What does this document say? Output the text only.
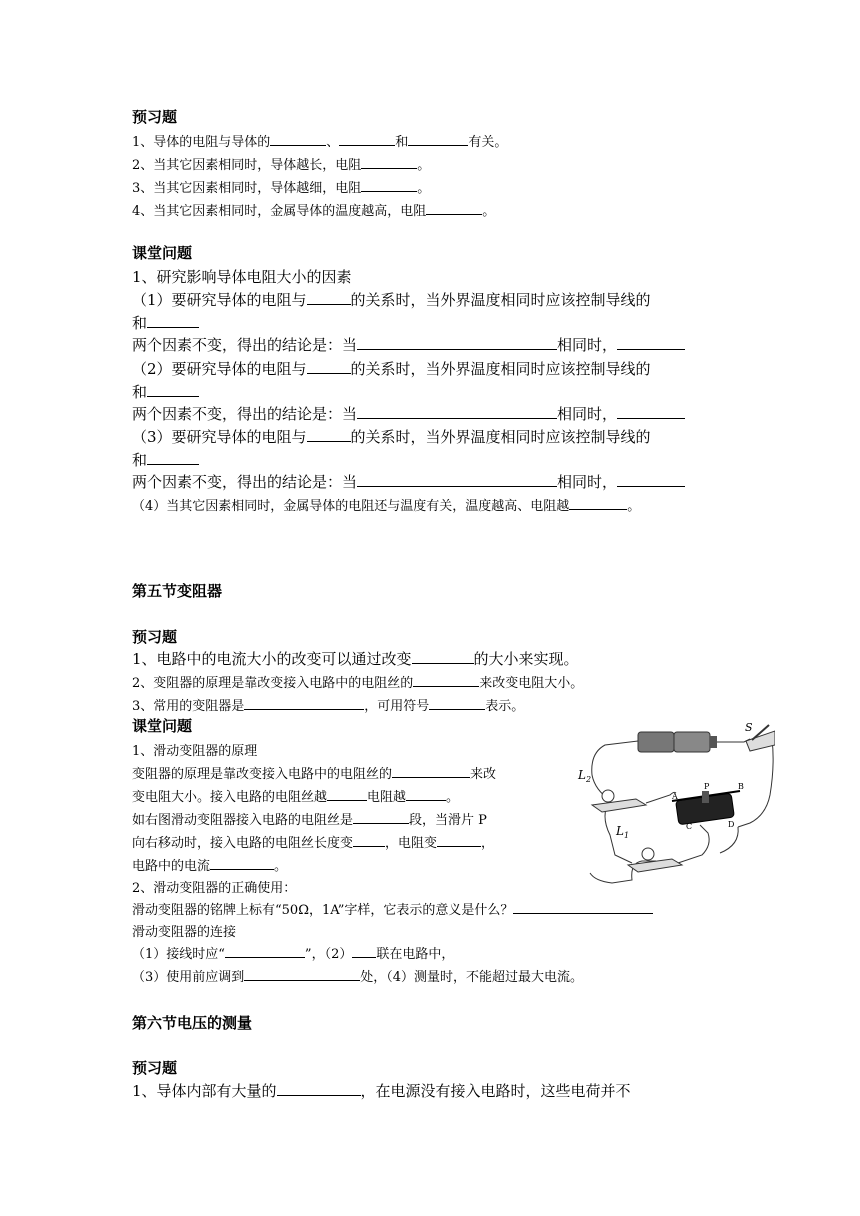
预习题
1、导体的电阻与导体的	、	和	有关。
2、当其它因素相同时，导体越长，电阻	。
3、当其它因素相同时，导体越细，电阻	。
4、当其它因素相同时，金属导体的温度越高，电阻	。
课堂问题
1、研究影响导体电阻大小的因素
（1）要研究导体的电阻与	的关系时，当外界温度相同时应该控制导线的
和
两个因素不变，得出的结论是：当	相同时，
（2）要研究导体的电阻与	的关系时，当外界温度相同时应该控制导线的
和
两个因素不变，得出的结论是：当	相同时，
（3）要研究导体的电阻与	的关系时，当外界温度相同时应该控制导线的
和
两个因素不变，得出的结论是：当	相同时，
（4）当其它因素相同时，金属导体的电阻还与温度有关，温度越高、电阻越	。
第五节变阻器
预习题
1、电路中的电流大小的改变可以通过改变	的大小来实现。
2、变阻器的原理是靠改变接入电路中的电阻丝的	来改变电阻大小。
3、常用的变阻器是	，可用符号	表示。
课堂问题
1、滑动变阻器的原理
变阻器的原理是靠改变接入电路中的电阻丝的	来改
变电阻大小。接入电路的电阻丝越	电阻越	。
如右图滑动变阻器接入电路的电阻丝是	段，当滑片 P
向右移动时，接入电路的电阻丝长度变 ，电阻变	，
电路中的电流	。
2、滑动变阻器的正确使用：
滑动变阻器的铭牌上标有“50Ω，1A”字样，它表示的意义是什么？
滑动变阻器的连接
（1）接线时应“	”，（2） 联在电路中，
（3）使用前应调到	处，（4）测量时，不能超过最大电流。
S
$L_2$
$L_1$
P
A
B
C	D
第六节电压的测量
预习题
1、导体内部有大量的	，在电源没有接入电路时，这些电荷并不
